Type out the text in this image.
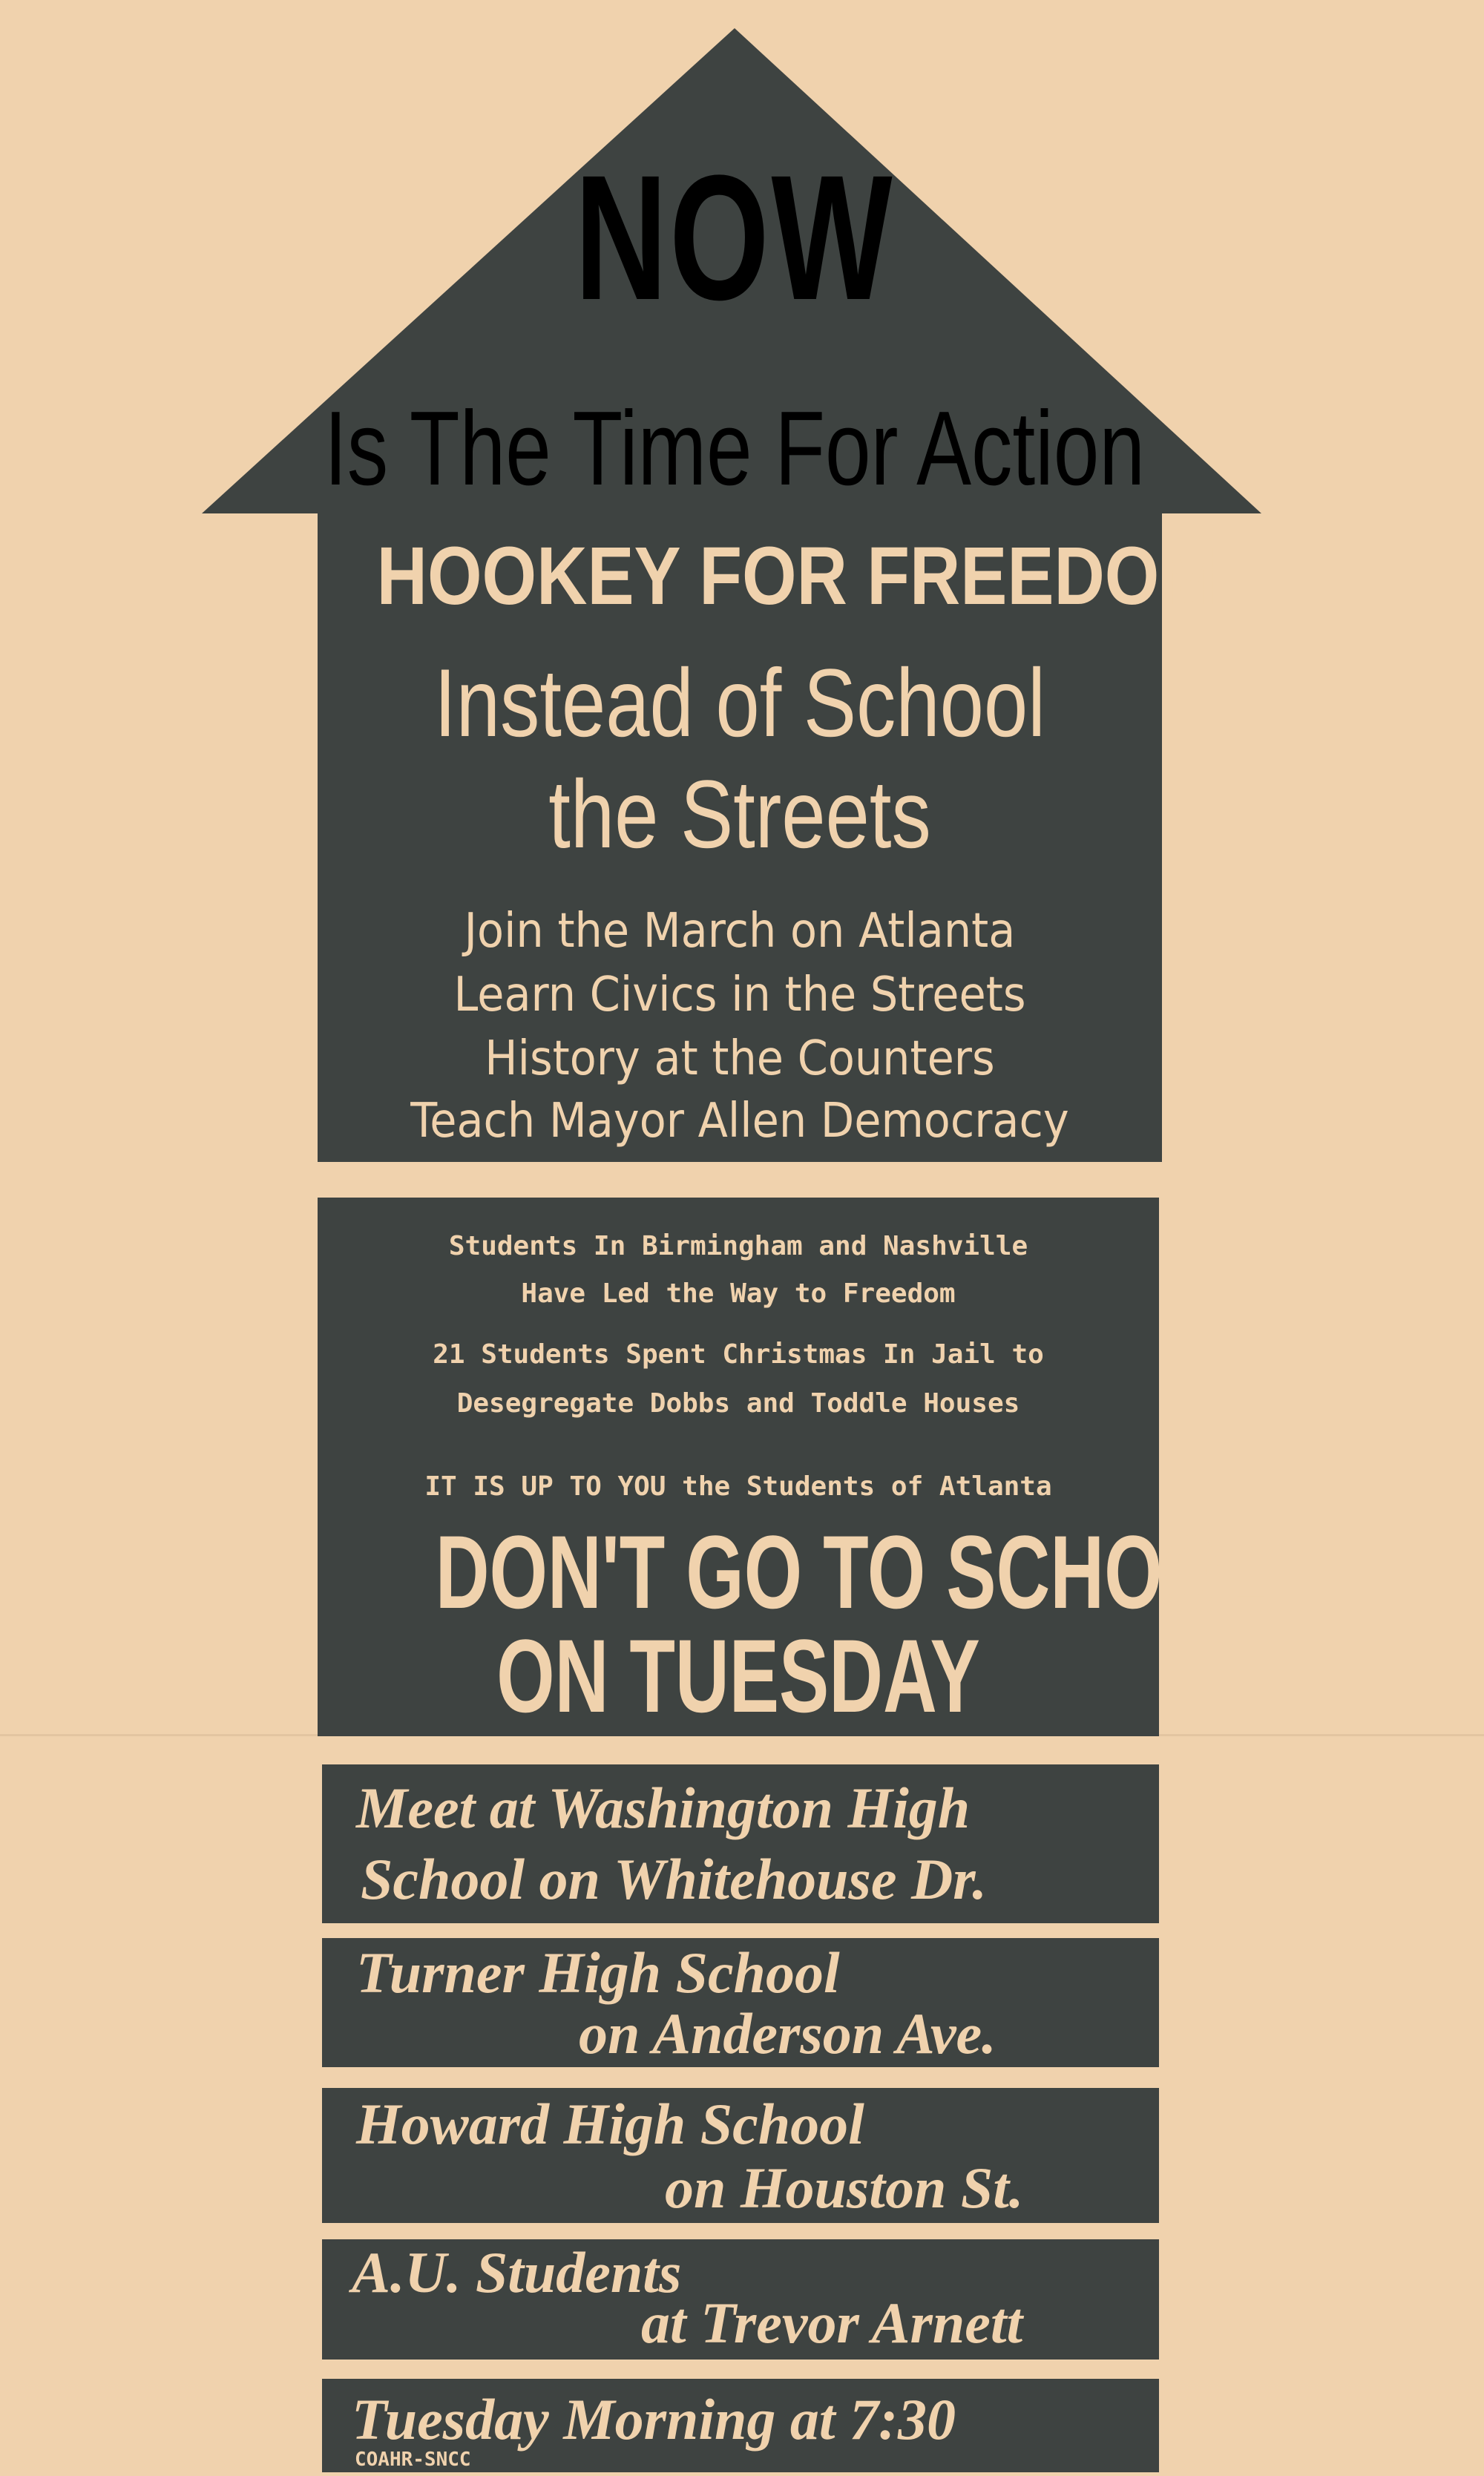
NOW
Is The Time For Action
HOOKEY FOR FREEDOM
Instead of School
the Streets
Join the March on Atlanta
Learn Civics in the Streets
History at the Counters
Teach Mayor Allen Democracy
Students In Birmingham and Nashville
Have Led the Way to Freedom
21 Students Spent Christmas In Jail to
Desegregate Dobbs and Toddle Houses
IT IS UP TO YOU the Students of Atlanta
DON'T GO TO SCHOOL
ON TUESDAY
Meet at Washington High
School on Whitehouse Dr.
Turner High School
on Anderson Ave.
Howard High School
on Houston St.
A.U. Students
at Trevor Arnett
Tuesday Morning at 7:30
COAHR-SNCC
